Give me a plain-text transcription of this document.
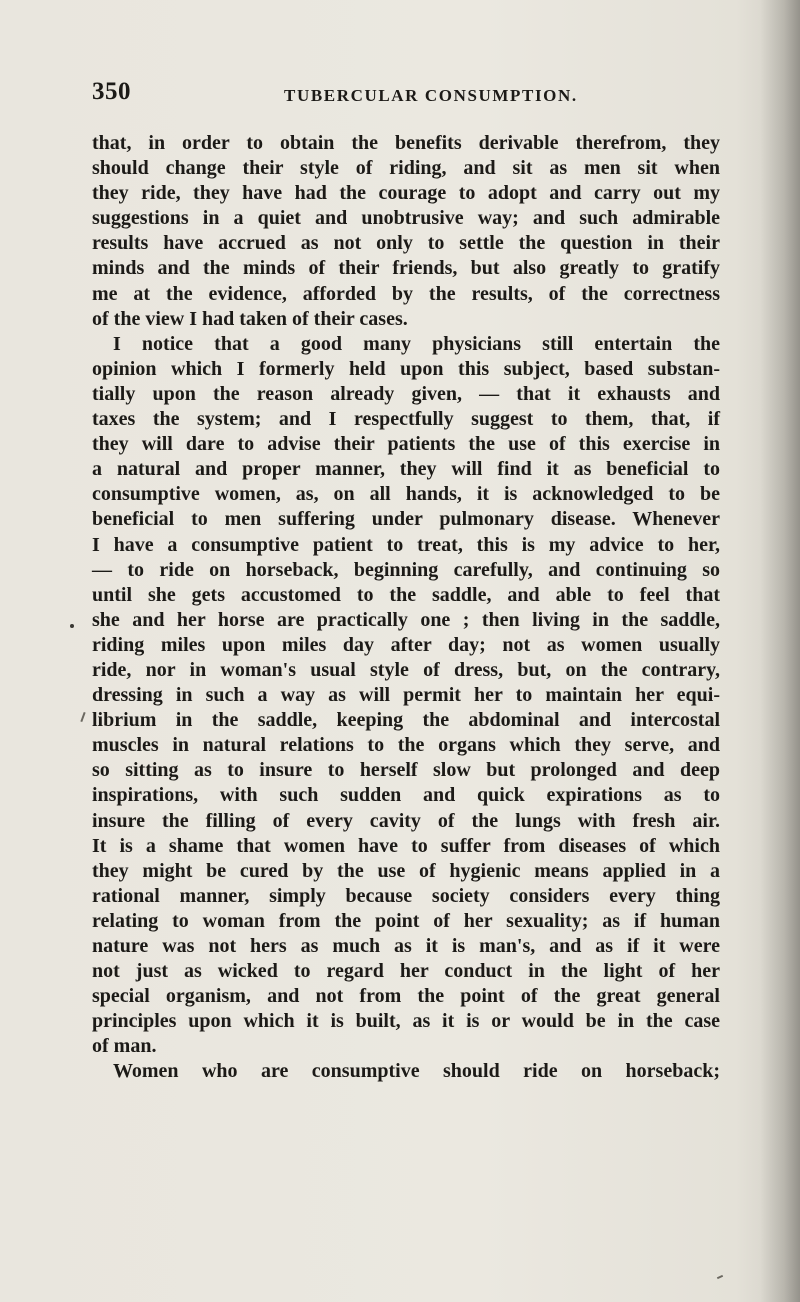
350	TUBERCULAR CONSUMPTION.
that, in order to obtain the benefits derivable therefrom, they
should change their style of riding, and sit as men sit when
they ride, they have had the courage to adopt and carry out my
suggestions in a quiet and unobtrusive way; and such admirable
results have accrued as not only to settle the question in their
minds and the minds of their friends, but also greatly to gratify
me at the evidence, afforded by the results, of the correctness
of the view I had taken of their cases.
I notice that a good many physicians still entertain the
opinion which I formerly held upon this subject, based substan-
tially upon the reason already given, — that it exhausts and
taxes the system; and I respectfully suggest to them, that, if
they will dare to advise their patients the use of this exercise in
a natural and proper manner, they will find it as beneficial to
consumptive women, as, on all hands, it is acknowledged to be
beneficial to men suffering under pulmonary disease. Whenever
I have a consumptive patient to treat, this is my advice to her,
— to ride on horseback, beginning carefully, and continuing so
until she gets accustomed to the saddle, and able to feel that
she and her horse are practically one ; then living in the saddle,
riding miles upon miles day after day; not as women usually
ride, nor in woman's usual style of dress, but, on the contrary,
dressing in such a way as will permit her to maintain her equi-
librium in the saddle, keeping the abdominal and intercostal
muscles in natural relations to the organs which they serve, and
so sitting as to insure to herself slow but prolonged and deep
inspirations, with such sudden and quick expirations as to
insure the filling of every cavity of the lungs with fresh air.
It is a shame that women have to suffer from diseases of which
they might be cured by the use of hygienic means applied in a
rational manner, simply because society considers every thing
relating to woman from the point of her sexuality; as if human
nature was not hers as much as it is man's, and as if it were
not just as wicked to regard her conduct in the light of her
special organism, and not from the point of the great general
principles upon which it is built, as it is or would be in the case
of man.
Women who are consumptive should ride on horseback;
